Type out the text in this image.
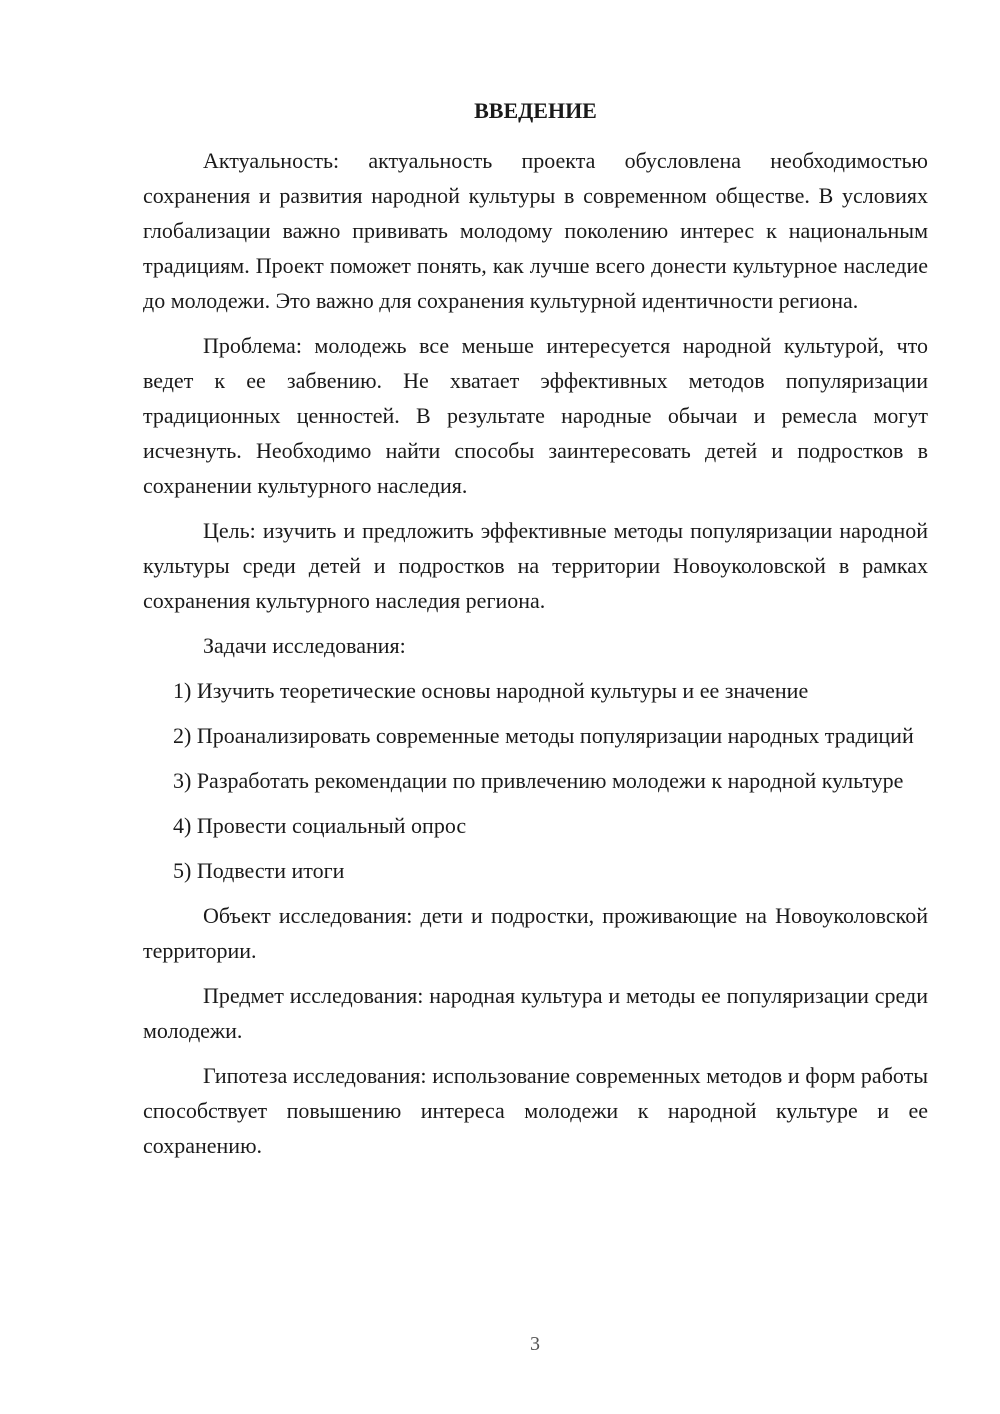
ВВЕДЕНИЕ

Актуальность: актуальность проекта обусловлена необходимостью сохранения и развития народной культуры в современном обществе. В условиях глобализации важно прививать молодому поколению интерес к национальным традициям. Проект поможет понять, как лучше всего донести культурное наследие до молодежи. Это важно для сохранения культурной идентичности региона.

Проблема: молодежь все меньше интересуется народной культурой, что ведет к ее забвению. Не хватает эффективных методов популяризации традиционных ценностей. В результате народные обычаи и ремесла могут исчезнуть. Необходимо найти способы заинтересовать детей и подростков в сохранении культурного наследия.

Цель: изучить и предложить эффективные методы популяризации народной культуры среди детей и подростков на территории Новоуколовской в рамках сохранения культурного наследия региона.

Задачи исследования:

1) Изучить теоретические основы народной культуры и ее значение

2) Проанализировать современные методы популяризации народных традиций

3) Разработать рекомендации по привлечению молодежи к народной культуре

4) Провести социальный опрос

5) Подвести итоги

Объект исследования: дети и подростки, проживающие на Новоуколовской территории.

Предмет исследования: народная культура и методы ее популяризации среди молодежи.

Гипотеза исследования: использование современных методов и форм работы способствует повышению интереса молодежи к народной культуре и ее сохранению.

3
